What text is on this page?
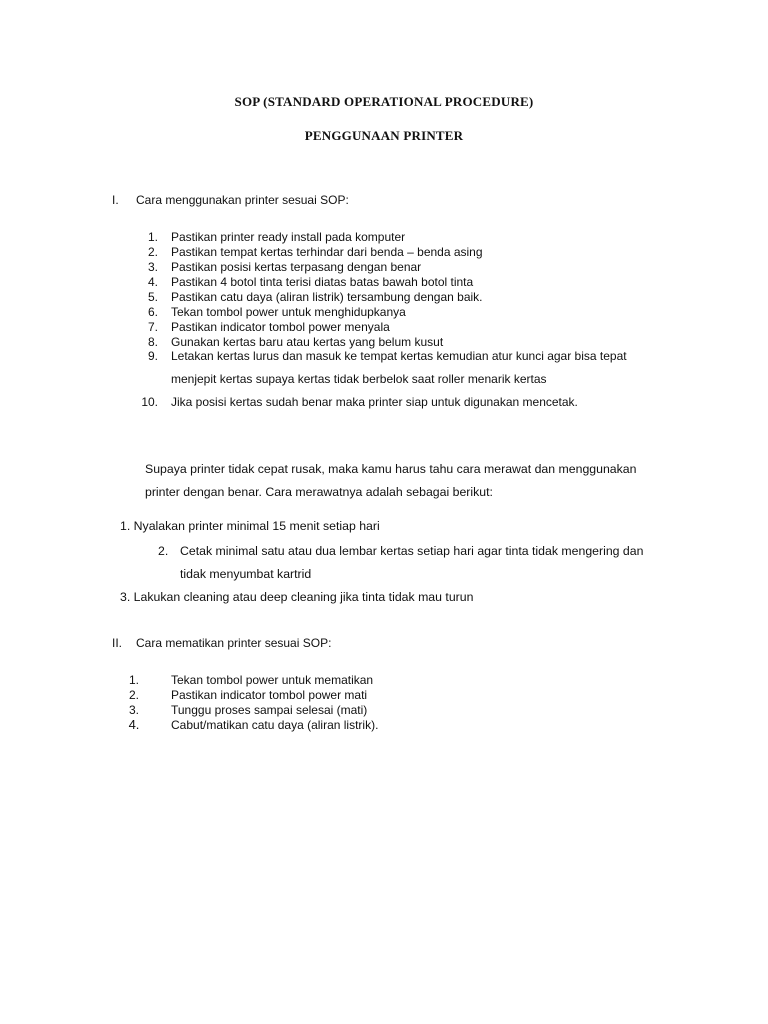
SOP (STANDARD OPERATIONAL PROCEDURE)
PENGGUNAAN PRINTER
I.	Cara menggunakan printer sesuai SOP:
1. Pastikan printer ready install pada komputer
2. Pastikan tempat kertas terhindar dari benda – benda asing
3. Pastikan posisi kertas terpasang dengan benar
4. Pastikan 4 botol tinta terisi diatas batas bawah botol tinta
5. Pastikan catu daya (aliran listrik) tersambung dengan baik.
6. Tekan tombol power untuk menghidupkanya
7. Pastikan indicator tombol power menyala
8. Gunakan kertas baru atau kertas yang belum kusut
9. Letakan kertas lurus dan masuk ke tempat kertas kemudian atur kunci agar bisa tepat
menjepit kertas supaya kertas tidak berbelok saat roller menarik kertas
10. Jika posisi kertas sudah benar maka printer siap untuk digunakan mencetak.
Supaya printer tidak cepat rusak, maka kamu harus tahu cara merawat dan menggunakan
printer dengan benar. Cara merawatnya adalah sebagai berikut:
1. Nyalakan printer minimal 15 menit setiap hari
2. Cetak minimal satu atau dua lembar kertas setiap hari agar tinta tidak mengering dan
tidak menyumbat kartrid
3. Lakukan cleaning atau deep cleaning jika tinta tidak mau turun
II.	Cara mematikan printer sesuai SOP:
1.	Tekan tombol power untuk mematikan
2.	Pastikan indicator tombol power mati
3.	Tunggu proses sampai selesai (mati)
4.	Cabut/matikan catu daya (aliran listrik).
